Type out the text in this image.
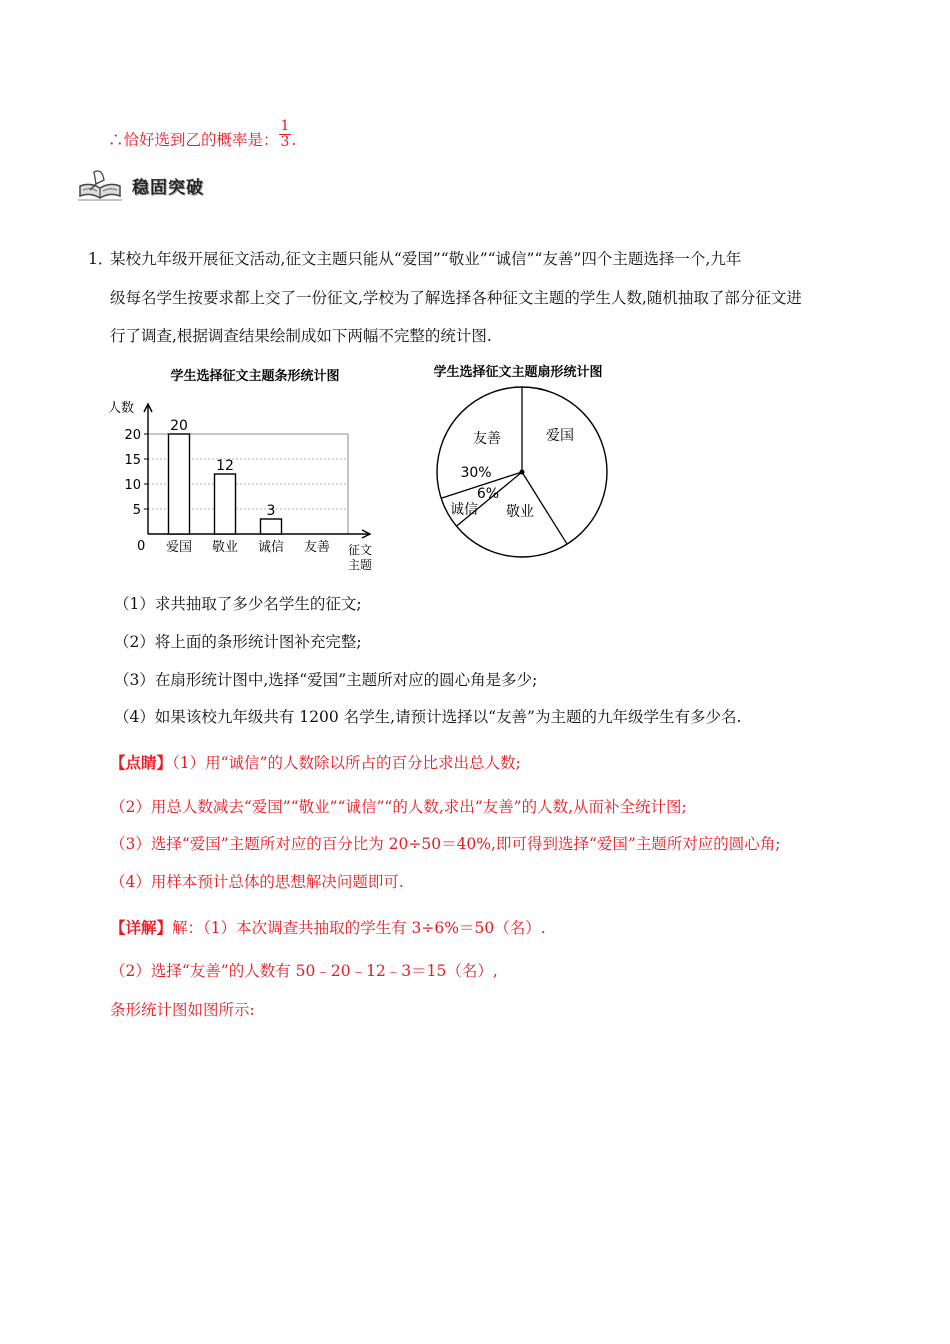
∴恰好选到乙的概率是： $\frac{1}{3}$ .
稳固突破
1．
某校九年级开展征文活动,征文主题只能从“爱国”“敬业”“诚信”“友善”四个主题选择一个,九年
级每名学生按要求都上交了一份征文,学校为了解选择各种征文主题的学生人数,随机抽取了部分征文进
行了调查,根据调查结果绘制成如下两幅不完整的统计图.
学生选择征文主题条形统计图
人数
0	征文
主题
5
10
15
20
20
爱国
12
敬业
3
诚信 友善
学生选择征文主题扇形统计图
爱国
敬业
诚信
6%
友善
30%
（1）求共抽取了多少名学生的征文;
（2）将上面的条形统计图补充完整;
（3）在扇形统计图中,选择“爱国”主题所对应的圆心角是多少;
（4）如果该校九年级共有 1200 名学生,请预计选择以“友善”为主题的九年级学生有多少名.
【点睛】（1）用“诚信”的人数除以所占的百分比求出总人数;
（2）用总人数减去“爱国”“敬业”“诚信”“的人数,求出“友善”的人数,从而补全统计图;
（3）选择“爱国”主题所对应的百分比为 20÷50＝40%,即可得到选择“爱国”主题所对应的圆心角;
（4）用样本预计总体的思想解决问题即可.
【详解】解：（1）本次调查共抽取的学生有 3÷6%＝50（名）.
（2）选择“友善”的人数有 50﹣20﹣12﹣3＝15（名）,
条形统计图如图所示:
